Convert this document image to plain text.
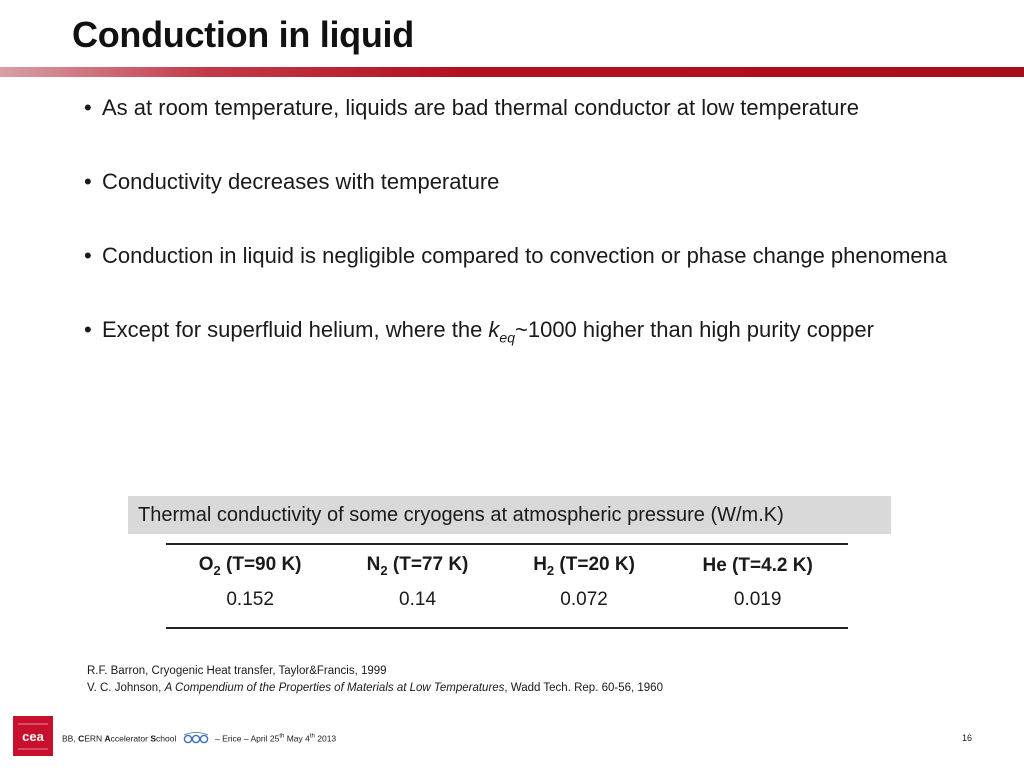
Conduction in liquid
• As at room temperature, liquids are bad thermal conductor at low temperature
• Conductivity decreases with temperature
• Conduction in liquid is negligible compared to convection or phase change phenomena
• Except for superfluid helium, where the $k_{eq}\sim 1000$ higher than high purity copper
Thermal conductivity of some cryogens at atmospheric pressure (W/m.K)
$O_2$ (T=90 K)	$N_2$ (T=77 K)	$H_2$ (T=20 K)	He (T=4.2 K)
0.152	0.14	0.072	0.019
R.F. Barron, Cryogenic Heat transfer, Taylor&Francis, 1999
V. C. Johnson, A Compendium of the Properties of Materials at Low Temperatures, Wadd Tech. Rep. 60-56, 1960
cea BB, CERN Accelerator School	– Erice – April 25th May 4th 2013	16
